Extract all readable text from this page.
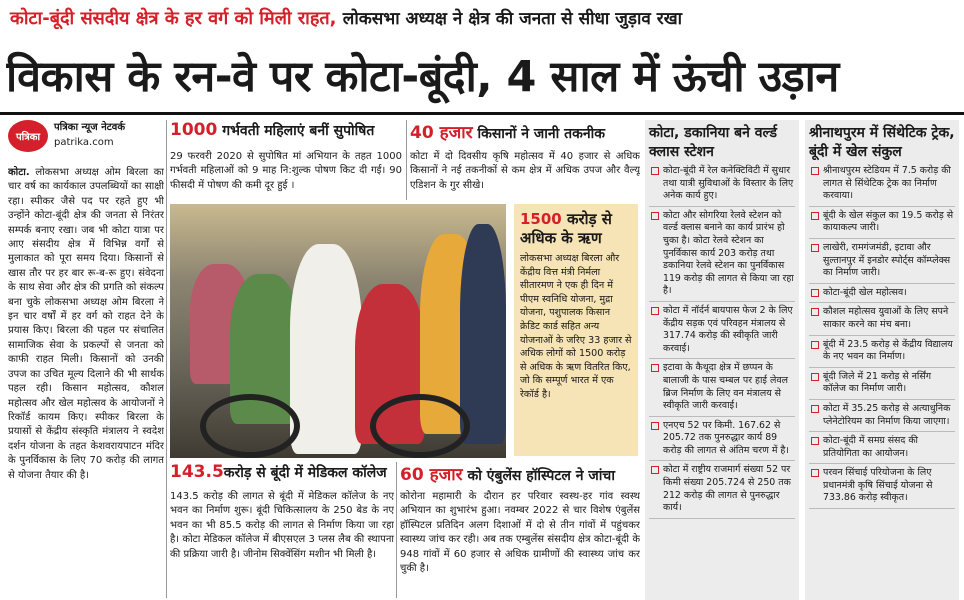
कोटा-बूंदी संसदीय क्षेत्र के हर वर्ग को मिली राहत, लोकसभा अध्यक्ष ने क्षेत्र की जनता से सीधा जुड़ाव रखा
विकास के रन-वे पर कोटा-बूंदी, 4 साल में ऊंची उड़ान
पत्रिका
पत्रिका न्यूज नेटवर्क
patrika.com
कोटा. लोकसभा अध्यक्ष ओम बिरला का चार वर्ष का कार्यकाल उपलब्धियों का साक्षी रहा। स्पीकर जैसे पद पर रहते हुए भी उन्होंने कोटा-बूंदी क्षेत्र की जनता से निरंतर सम्पर्क बनाए रखा। जब भी कोटा यात्रा पर आए संसदीय क्षेत्र में विभिन्न वर्गों से मुलाकात को पूरा समय दिया। किसानों से खास तौर पर हर बार रू-ब-रू हुए। संवेदना के साथ सेवा और क्षेत्र की प्रगति को संकल्प बना चुके लोकसभा अध्यक्ष ओम बिरला ने इन चार वर्षों में हर वर्ग को राहत देने के प्रयास किए। बिरला की पहल पर संचालित सामाजिक सेवा के प्रकल्पों से जनता को काफी राहत मिली। किसानों को उनकी उपज का उचित मूल्य दिलाने की भी सार्थक पहल रही। किसान महोत्सव, कौशल महोत्सव और खेल महोत्सव के आयोजनों ने रिकॉर्ड कायम किए। स्पीकर बिरला के प्रयासों से केंद्रीय संस्कृति मंत्रालय ने स्वदेश दर्शन योजना के तहत केशवरायपाटन मंदिर के पुनर्विकास के लिए 70 करोड़ की लागत से योजना तैयार की है।
1000 गर्भवती महिलाएं बनीं सुपोषित
29 फरवरी 2020 से सुपोषित मां अभियान के तहत 1000 गर्भवती महिलाओं को 9 माह नि:शुल्क पोषण किट दी गई। 90 फीसदी में पोषण की कमी दूर हुई ।
40 हजार किसानों ने जानी तकनीक
कोटा में दो दिवसीय कृषि महोत्सव में 40 हजार से अधिक किसानों ने नई तकनीकों से कम क्षेत्र में अधिक उपज और वैल्यू एडिशन के गुर सीखे।
1500 करोड़ से अधिक के ऋण
लोकसभा अध्यक्ष बिरला और केंद्रीय वित्त मंत्री निर्मला सीतारमण ने एक ही दिन में पीएम स्वनिधि योजना, मुद्रा योजना, पशुपालक किसान क्रेडिट कार्ड सहित अन्य योजनाओं के जरिए 33 हजार से अधिक लोगों को 1500 करोड़ से अधिक के ऋण वितरित किए, जो कि सम्पूर्ण भारत में एक रेकॉर्ड है।
143.5करोड़ से बूंदी में मेडिकल कॉलेज
143.5 करोड़ की लागत से बूंदी में मेडिकल कॉलेज के नए भवन का निर्माण शुरू। बूंदी चिकित्सालय के 250 बेड के नए भवन का भी 85.5 करोड़ की लागत से निर्माण किया जा रहा है। कोटा मेडिकल कॉलेज में बीएसएल 3 प्लस लैब की स्थापना की प्रक्रिया जारी है। जीनोम सिक्वेंसिंग मशीन भी मिली है।
60 हजार को एंबुलेंस हॉस्पिटल ने जांचा
कोरोना महामारी के दौरान हर परिवार स्वस्थ-हर गांव स्वस्थ अभियान का शुभारंभ हुआ। नवम्बर 2022 से चार विशेष एंबुलेंस हॉस्पिटल प्रतिदिन अलग दिशाओं में दो से तीन गांवों में पहुंचकर स्वास्थ्य जांच कर रही। अब तक एम्बुलेंस संसदीय क्षेत्र कोटा-बूंदी के 948 गांवों में 60 हजार से अधिक ग्रामीणों की स्वास्थ्य जांच कर चुकी है।
कोटा, डकानिया बने वर्ल्ड क्लास स्टेशन
कोटा-बूंदी में रेल कनेक्टिविटी में सुधार तथा यात्री सुविधाओं के विस्तार के लिए अनेक कार्य हुए।
कोटा और सोगरिया रेलवे स्टेशन को वर्ल्ड क्लास बनाने का कार्य प्रारंभ हो चुका है। कोटा रेलवे स्टेशन का पुनर्विकास कार्य 203 करोड़ तथा डकानिया रेलवे स्टेशन का पुनर्विकास 119 करोड़ की लागत से किया जा रहा है।
कोटा में नॉर्दर्न बायपास फेज 2 के लिए केंद्रीय सड़क एवं परिवहन मंत्रालय से 317.74 करोड़ की स्वीकृति जारी करवाई।
इटावा के कैथूदा क्षेत्र में छप्पन के बालाजी के पास चम्बल पर हाई लेवल ब्रिज निर्माण के लिए वन मंत्रालय से स्वीकृति जारी करवाई।
एनएच 52 पर किमी. 167.62 से 205.72 तक पुनरुद्धार कार्य 89 करोड़ की लागत से अंतिम चरण में है।
कोटा में राष्ट्रीय राजमार्ग संख्या 52 पर किमी संख्या 205.724 से 250 तक 212 करोड़ की लागत से पुनरुद्धार कार्य।
श्रीनाथपुरम में सिंथेटिक ट्रेक, बूंदी में खेल संकुल
श्रीनाथपुरम स्टेडियम में 7.5 करोड़ की लागत से सिंथेटिक ट्रेक का निर्माण करवाया।
बूंदी के खेल संकुल का 19.5 करोड़ से कायाकल्प जारी।
लाखेरी, रामगंजमंडी, इटावा और सुल्तानपुर में इनडोर स्पोर्ट्स कॉम्प्लेक्स का निर्माण जारी।
कोटा-बूंदी खेल महोत्सव।
कौशल महोत्सव युवाओं के लिए सपने साकार करने का मंच बना।
बूंदी में 23.5 करोड़ से केंद्रीय विद्यालय के नए भवन का निर्माण।
बूंदी जिले में 21 करोड़ से नर्सिंग कॉलेज का निर्माण जारी।
कोटा में 35.25 करोड़ से अत्याधुनिक प्लेनेटोरियम का निर्माण किया जाएगा।
कोटा-बूंदी में समग्र संसद की प्रतियोगिता का आयोजन।
परवन सिंचाई परियोजना के लिए प्रधानमंत्री कृषि सिंचाई योजना से 733.86 करोड़ स्वीकृत।
